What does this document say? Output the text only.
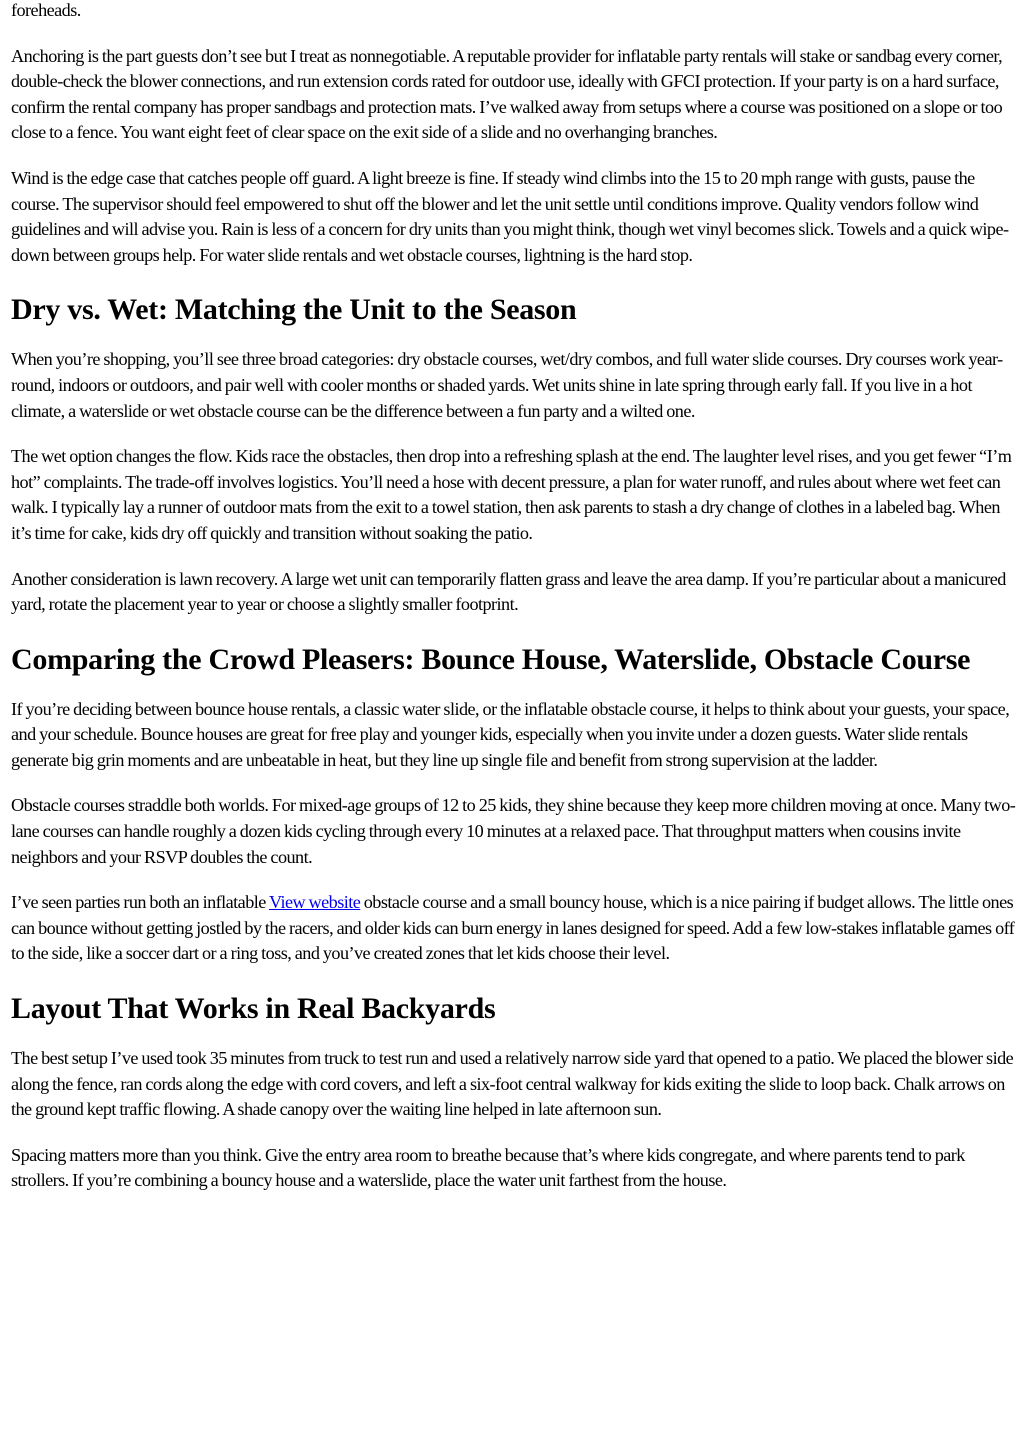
foreheads.

Anchoring is the part guests don’t see but I treat as nonnegotiable. A reputable provider for inflatable party rentals will stake or sandbag every corner, double-check the blower connections, and run extension cords rated for outdoor use, ideally with GFCI protection. If your party is on a hard surface, confirm the rental company has proper sandbags and protection mats. I’ve walked away from setups where a course was positioned on a slope or too close to a fence. You want eight feet of clear space on the exit side of a slide and no overhanging branches.

Wind is the edge case that catches people off guard. A light breeze is fine. If steady wind climbs into the 15 to 20 mph range with gusts, pause the course. The supervisor should feel empowered to shut off the blower and let the unit settle until conditions improve. Quality vendors follow wind guidelines and will advise you. Rain is less of a concern for dry units than you might think, though wet vinyl becomes slick. Towels and a quick wipe-down between groups help. For water slide rentals and wet obstacle courses, lightning is the hard stop.

Dry vs. Wet: Matching the Unit to the Season

When you’re shopping, you’ll see three broad categories: dry obstacle courses, wet/dry combos, and full water slide courses. Dry courses work year-round, indoors or outdoors, and pair well with cooler months or shaded yards. Wet units shine in late spring through early fall. If you live in a hot climate, a waterslide or wet obstacle course can be the difference between a fun party and a wilted one.

The wet option changes the flow. Kids race the obstacles, then drop into a refreshing splash at the end. The laughter level rises, and you get fewer “I’m hot” complaints. The trade-off involves logistics. You’ll need a hose with decent pressure, a plan for water runoff, and rules about where wet feet can walk. I typically lay a runner of outdoor mats from the exit to a towel station, then ask parents to stash a dry change of clothes in a labeled bag. When it’s time for cake, kids dry off quickly and transition without soaking the patio.

Another consideration is lawn recovery. A large wet unit can temporarily flatten grass and leave the area damp. If you’re particular about a manicured yard, rotate the placement year to year or choose a slightly smaller footprint.

Comparing the Crowd Pleasers: Bounce House, Waterslide, Obstacle Course

If you’re deciding between bounce house rentals, a classic water slide, or the inflatable obstacle course, it helps to think about your guests, your space, and your schedule. Bounce houses are great for free play and younger kids, especially when you invite under a dozen guests. Water slide rentals generate big grin moments and are unbeatable in heat, but they line up single file and benefit from strong supervision at the ladder.

Obstacle courses straddle both worlds. For mixed-age groups of 12 to 25 kids, they shine because they keep more children moving at once. Many two-lane courses can handle roughly a dozen kids cycling through every 10 minutes at a relaxed pace. That throughput matters when cousins invite neighbors and your RSVP doubles the count.

I’ve seen parties run both an inflatable View website obstacle course and a small bouncy house, which is a nice pairing if budget allows. The little ones can bounce without getting jostled by the racers, and older kids can burn energy in lanes designed for speed. Add a few low-stakes inflatable games off to the side, like a soccer dart or a ring toss, and you’ve created zones that let kids choose their level.

Layout That Works in Real Backyards

The best setup I’ve used took 35 minutes from truck to test run and used a relatively narrow side yard that opened to a patio. We placed the blower side along the fence, ran cords along the edge with cord covers, and left a six-foot central walkway for kids exiting the slide to loop back. Chalk arrows on the ground kept traffic flowing. A shade canopy over the waiting line helped in late afternoon sun.

Spacing matters more than you think. Give the entry area room to breathe because that’s where kids congregate, and where parents tend to park strollers. If you’re combining a bouncy house and a waterslide, place the water unit farthest from the house.
